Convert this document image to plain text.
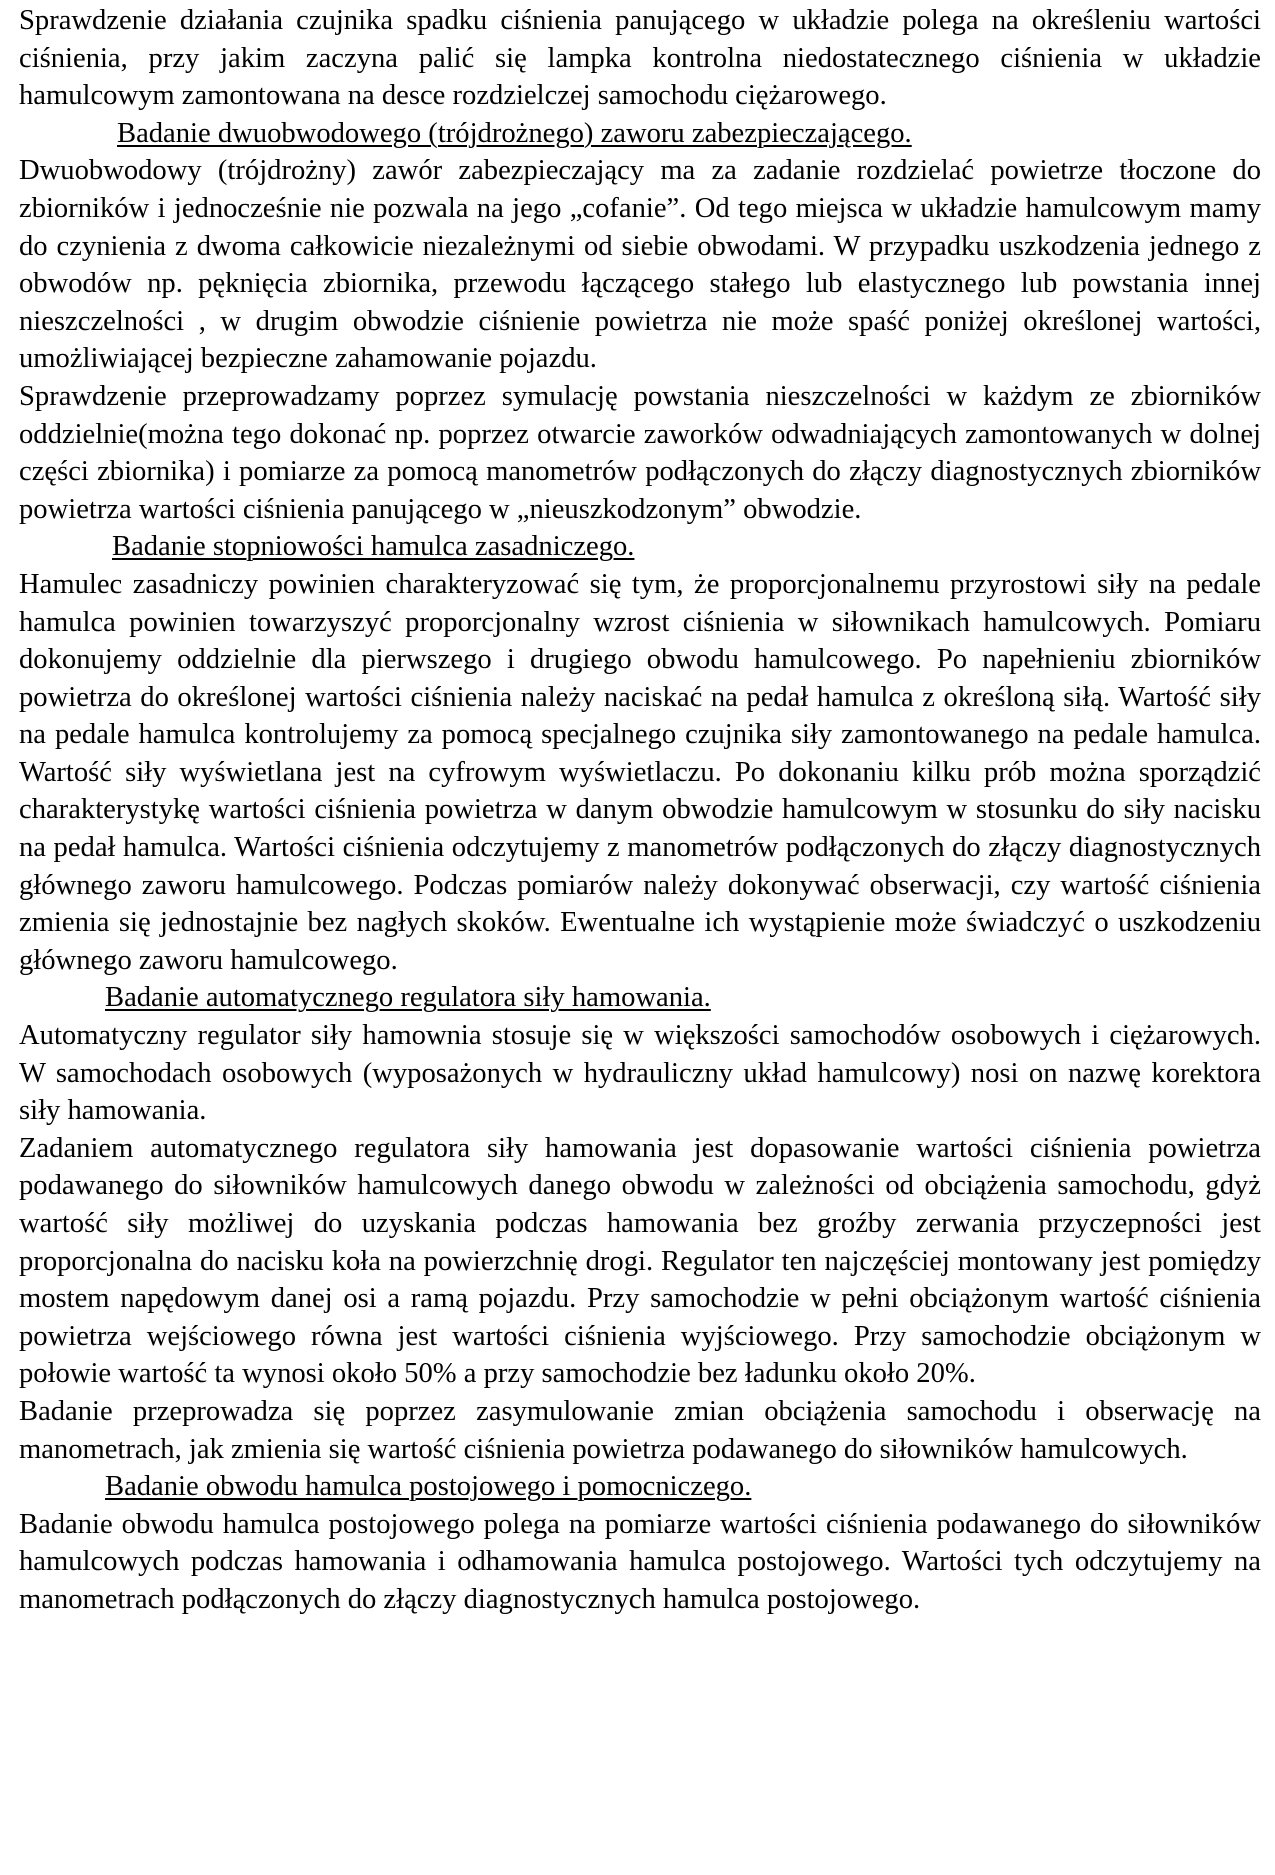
Sprawdzenie działania czujnika spadku ciśnienia panującego w układzie polega na określeniu wartości ciśnienia, przy jakim zaczyna palić się lampka kontrolna niedostatecznego ciśnienia w układzie hamulcowym zamontowana na desce rozdzielczej samochodu ciężarowego.

Badanie dwuobwodowego (trójdrożnego) zaworu zabezpieczającego.

Dwuobwodowy (trójdrożny) zawór zabezpieczający ma za zadanie rozdzielać powietrze tłoczone do zbiorników i jednocześnie nie pozwala na jego „cofanie”. Od tego miejsca w układzie hamulcowym mamy do czynienia z dwoma całkowicie niezależnymi od siebie obwodami. W przypadku uszkodzenia jednego z obwodów np. pęknięcia zbiornika, przewodu łączącego stałego lub elastycznego lub powstania innej nieszczelności , w drugim obwodzie ciśnienie powietrza nie może spaść poniżej określonej wartości, umożliwiającej bezpieczne zahamowanie pojazdu.

Sprawdzenie przeprowadzamy poprzez symulację powstania nieszczelności w każdym ze zbiorników oddzielnie(można tego dokonać np. poprzez otwarcie zaworków odwadniających zamontowanych w dolnej części zbiornika) i pomiarze za pomocą manometrów podłączonych do złączy diagnostycznych zbiorników powietrza wartości ciśnienia panującego w „nieuszkodzonym” obwodzie.

Badanie stopniowości hamulca zasadniczego.

Hamulec zasadniczy powinien charakteryzować się tym, że proporcjonalnemu przyrostowi siły na pedale hamulca powinien towarzyszyć proporcjonalny wzrost ciśnienia w siłownikach hamulcowych. Pomiaru dokonujemy oddzielnie dla pierwszego i drugiego obwodu hamulcowego. Po napełnieniu zbiorników powietrza do określonej wartości ciśnienia należy naciskać na pedał hamulca z określoną siłą. Wartość siły na pedale hamulca kontrolujemy za pomocą specjalnego czujnika siły zamontowanego na pedale hamulca. Wartość siły wyświetlana jest na cyfrowym wyświetlaczu. Po dokonaniu kilku prób można sporządzić charakterystykę wartości ciśnienia powietrza w danym obwodzie hamulcowym w stosunku do siły nacisku na pedał hamulca. Wartości ciśnienia odczytujemy z manometrów podłączonych do złączy diagnostycznych głównego zaworu hamulcowego. Podczas pomiarów należy dokonywać obserwacji, czy wartość ciśnienia zmienia się jednostajnie bez nagłych skoków. Ewentualne ich wystąpienie może świadczyć o uszkodzeniu głównego zaworu hamulcowego.

Badanie automatycznego regulatora siły hamowania.

Automatyczny regulator siły hamownia stosuje się w większości samochodów osobowych i ciężarowych. W samochodach osobowych (wyposażonych w hydrauliczny układ hamulcowy) nosi on nazwę korektora siły hamowania.

Zadaniem automatycznego regulatora siły hamowania jest dopasowanie wartości ciśnienia powietrza podawanego do siłowników hamulcowych danego obwodu w zależności od obciążenia samochodu, gdyż wartość siły możliwej do uzyskania podczas hamowania bez groźby zerwania przyczepności jest proporcjonalna do nacisku koła na powierzchnię drogi. Regulator ten najczęściej montowany jest pomiędzy mostem napędowym danej osi a ramą pojazdu. Przy samochodzie w pełni obciążonym wartość ciśnienia powietrza wejściowego równa jest wartości ciśnienia wyjściowego. Przy samochodzie obciążonym w połowie wartość ta wynosi około 50% a przy samochodzie bez ładunku około 20%.

Badanie przeprowadza się poprzez zasymulowanie zmian obciążenia samochodu i obserwację na manometrach, jak zmienia się wartość ciśnienia powietrza podawanego do siłowników hamulcowych.

Badanie obwodu hamulca postojowego i pomocniczego.

Badanie obwodu hamulca postojowego polega na pomiarze wartości ciśnienia podawanego do siłowników hamulcowych podczas hamowania i odhamowania hamulca postojowego. Wartości tych odczytujemy na manometrach podłączonych do złączy diagnostycznych hamulca postojowego.
